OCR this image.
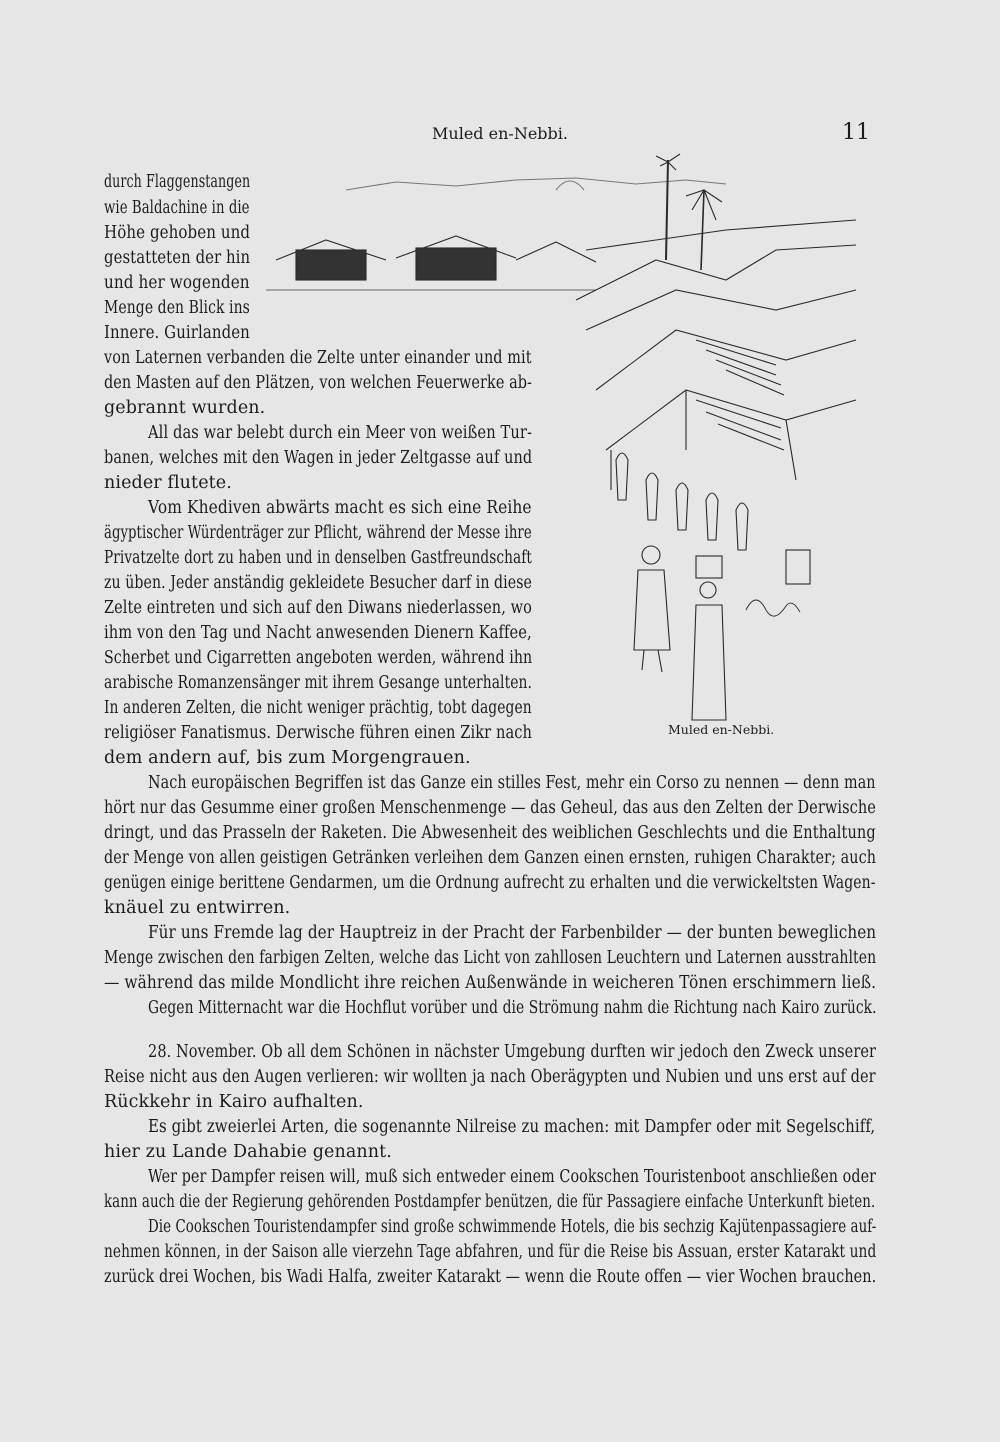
Muled en-Nebbi.	11
Muled en-Nebbi.
durch Flaggenstangen
wie Baldachine in die
Höhe gehoben und
gestatteten der hin
und her wogenden
Menge den Blick ins
Innere. Guirlanden
von Laternen verbanden die Zelte unter einander und mit
den Masten auf den Plätzen, von welchen Feuerwerke ab-
gebrannt wurden.
All das war belebt durch ein Meer von weißen Tur-
banen, welches mit den Wagen in jeder Zeltgasse auf und
nieder flutete.
Vom Khediven abwärts macht es sich eine Reihe
ägyptischer Würdenträger zur Pflicht, während der Messe ihre
Privatzelte dort zu haben und in denselben Gastfreundschaft
zu üben. Jeder anständig gekleidete Besucher darf in diese
Zelte eintreten und sich auf den Diwans niederlassen, wo
ihm von den Tag und Nacht anwesenden Dienern Kaffee,
Scherbet und Cigarretten angeboten werden, während ihn
arabische Romanzensänger mit ihrem Gesange unterhalten.
In anderen Zelten, die nicht weniger prächtig, tobt dagegen
religiöser Fanatismus. Derwische führen einen Zikr nach
dem andern auf, bis zum Morgengrauen.
Nach europäischen Begriffen ist das Ganze ein stilles Fest, mehr ein Corso zu nennen — denn man
hört nur das Gesumme einer großen Menschenmenge — das Geheul, das aus den Zelten der Derwische
dringt, und das Prasseln der Raketen. Die Abwesenheit des weiblichen Geschlechts und die Enthaltung
der Menge von allen geistigen Getränken verleihen dem Ganzen einen ernsten, ruhigen Charakter; auch
genügen einige berittene Gendarmen, um die Ordnung aufrecht zu erhalten und die verwickeltsten Wagen-
knäuel zu entwirren.
Für uns Fremde lag der Hauptreiz in der Pracht der Farbenbilder — der bunten beweglichen
Menge zwischen den farbigen Zelten, welche das Licht von zahllosen Leuchtern und Laternen ausstrahlten
— während das milde Mondlicht ihre reichen Außenwände in weicheren Tönen erschimmern ließ.
Gegen Mitternacht war die Hochflut vorüber und die Strömung nahm die Richtung nach Kairo zurück.
28. November. Ob all dem Schönen in nächster Umgebung durften wir jedoch den Zweck unserer
Reise nicht aus den Augen verlieren: wir wollten ja nach Oberägypten und Nubien und uns erst auf der
Rückkehr in Kairo aufhalten.
Es gibt zweierlei Arten, die sogenannte Nilreise zu machen: mit Dampfer oder mit Segelschiff,
hier zu Lande Dahabie genannt.
Wer per Dampfer reisen will, muß sich entweder einem Cookschen Touristenboot anschließen oder
kann auch die der Regierung gehörenden Postdampfer benützen, die für Passagiere einfache Unterkunft bieten.
Die Cookschen Touristendampfer sind große schwimmende Hotels, die bis sechzig Kajütenpassagiere auf-
nehmen können, in der Saison alle vierzehn Tage abfahren, und für die Reise bis Assuan, erster Katarakt und
zurück drei Wochen, bis Wadi Halfa, zweiter Katarakt — wenn die Route offen — vier Wochen brauchen.
